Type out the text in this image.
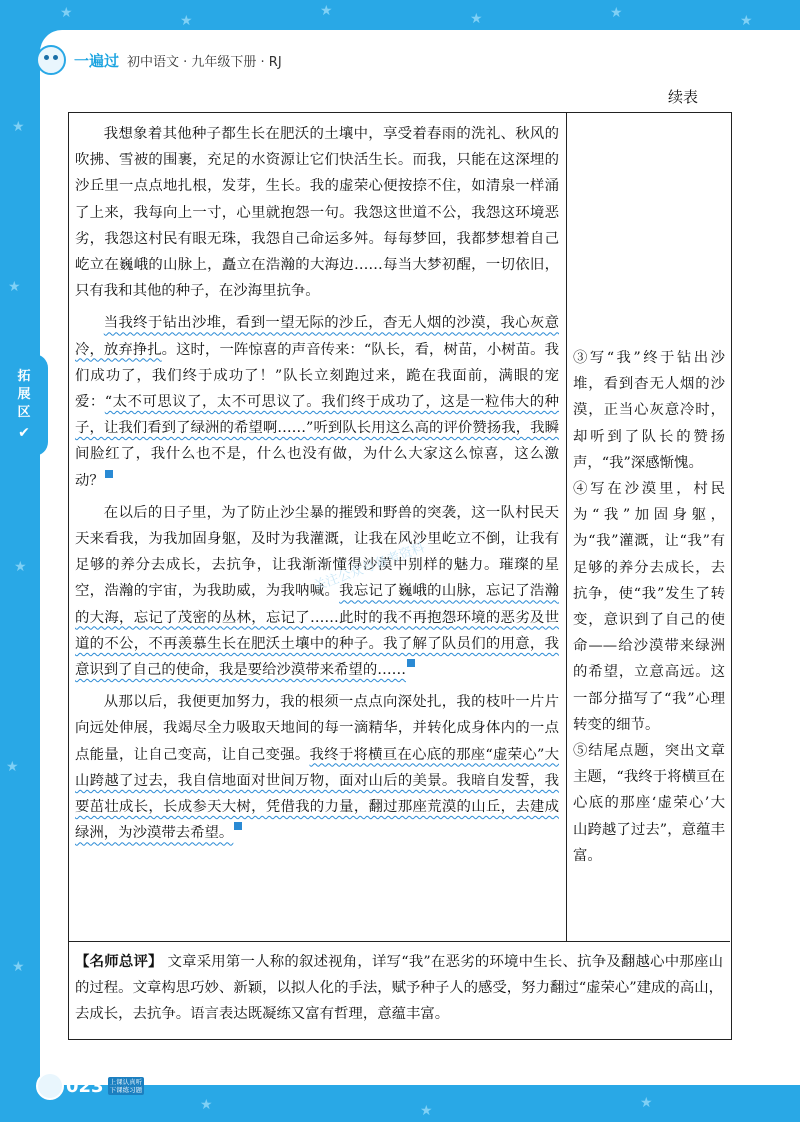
★	★
★	★	★	★
★
★
★
★
★
★	★	★
一遍过 初中语文 · 九年级下册 · RJ
续表
拓
展
区
✔

我想象着其他种子都生长在肥沃的土壤中，享受着春雨的洗礼、秋风的吹拂、雪被的围裹，充足的水资源让它们快活生长。而我，只能在这深埋的沙丘里一点点地扎根，发芽，生长。我的虚荣心便按捺不住，如清泉一样涌了上来，我每向上一寸，心里就抱怨一句。我怨这世道不公，我怨这环境恶劣，我怨这村民有眼无珠，我怨自己命运多舛。每每梦回，我都梦想着自己屹立在巍峨的山脉上，矗立在浩瀚的大海边……每当大梦初醒，一切依旧，只有我和其他的种子，在沙海里抗争。

当我终于钻出沙堆，看到一望无际的沙丘，杳无人烟的沙漠，我心灰意冷，放弃挣扎。这时，一阵惊喜的声音传来：“队长，看，树苗，小树苗。我们成功了，我们终于成功了！”队长立刻跑过来，跪在我面前，满眼的宠爱：“太不可思议了，太不可思议了。我们终于成功了，这是一粒伟大的种子，让我们看到了绿洲的希望啊……”听到队长用这么高的评价赞扬我，我瞬间脸红了，我什么也不是，什么也没有做，为什么大家这么惊喜，这么激动？

在以后的日子里，为了防止沙尘暴的摧毁和野兽的突袭，这一队村民天天来看我，为我加固身躯，及时为我灌溉，让我在风沙里屹立不倒，让我有足够的养分去成长，去抗争，让我渐渐懂得沙漠中别样的魅力。璀璨的星空，浩瀚的宇宙，为我助威，为我呐喊。我忘记了巍峨的山脉，忘记了浩瀚的大海，忘记了茂密的丛林，忘记了……此时的我不再抱怨环境的恶劣及世道的不公，不再羡慕生长在肥沃土壤中的种子。我了解了队员们的用意，我意识到了自己的使命，我是要给沙漠带来希望的……

从那以后，我便更加努力，我的根须一点点向深处扎，我的枝叶一片片向远处伸展，我竭尽全力吸取天地间的每一滴精华，并转化成身体内的一点点能量，让自己变高，让自己变强。我终于将横亘在心底的那座“虚荣心”大山跨越了过去，我自信地面对世间万物，面对山后的美景。我暗自发誓，我要茁壮成长，长成参天大树，凭借我的力量，翻过那座荒漠的山丘，去建成绿洲，为沙漠带去希望。

③写“我”终于钻出沙堆，看到杳无人烟的沙漠，正当心灰意冷时，却听到了队长的赞扬声，“我”深感惭愧。

④写在沙漠里，村民为“我”加固身躯，为“我”灌溉，让“我”有足够的养分去成长，去抗争，使“我”发生了转变，意识到了自己的使命——给沙漠带来绿洲的希望，立意高远。这一部分描写了“我”心理转变的细节。

⑤结尾点题，突出文章主题，“我终于将横亘在心底的那座‘虚荣心’大山跨越了过去”，意蕴丰富。

【名师总评】 文章采用第一人称的叙述视角，详写“我”在恶劣的环境中生长、抗争及翻越心中那座山的过程。文章构思巧妙、新颖，以拟人化的手法，赋予种子人的感受，努力翻过“虚荣心”建成的高山，去成长，去抗争。语言表达既凝练又富有哲理，意蕴丰富。
关注公众号备考资料
023 上课认真听
下课练习题
